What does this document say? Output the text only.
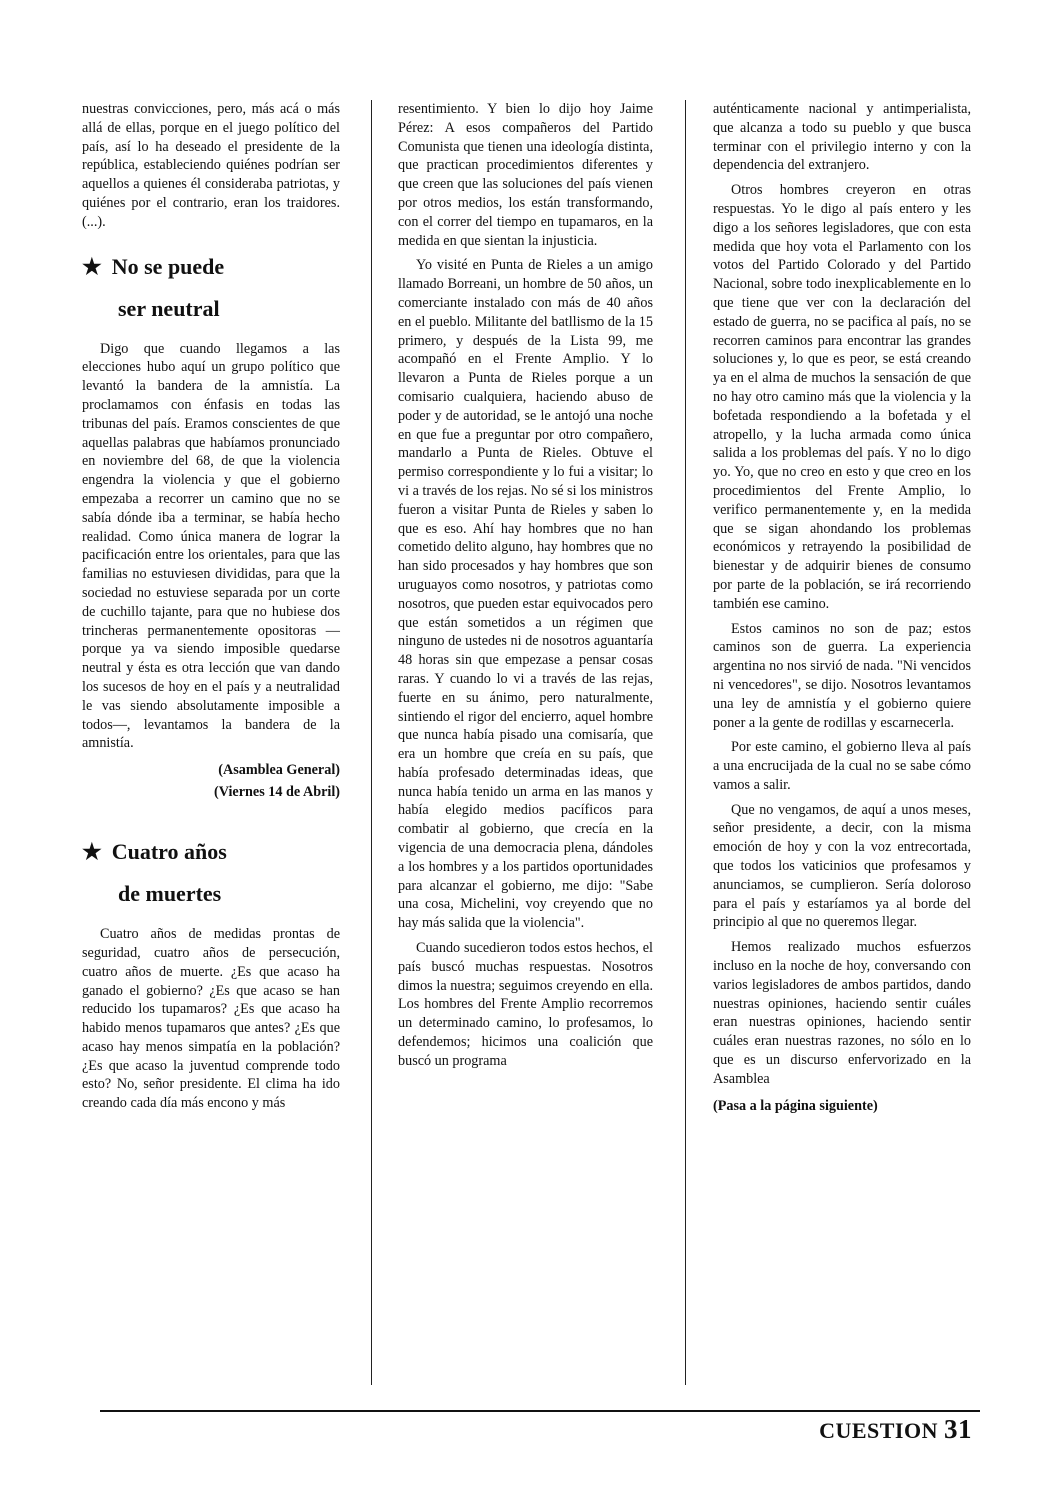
nuestras convicciones, pero, más acá o más allá de ellas, porque en el juego político del país, así lo ha deseado el presidente de la república, estableciendo quiénes podrían ser aquellos a quienes él consideraba patriotas, y quiénes por el contrario, eran los traidores. (...).

★ No se puede
ser neutral

Digo que cuando llegamos a las elecciones hubo aquí un grupo político que levantó la bandera de la amnistía. La proclamamos con énfasis en todas las tribunas del país. Eramos conscientes de que aquellas palabras que habíamos pronunciado en noviembre del 68, de que la violencia engendra la violencia y que el gobierno empezaba a recorrer un camino que no se sabía dónde iba a terminar, se había hecho realidad. Como única manera de lograr la pacificación entre los orientales, para que las familias no estuviesen divididas, para que la sociedad no estuviese separada por un corte de cuchillo tajante, para que no hubiese dos trincheras permanentemente opositoras —porque ya va siendo imposible quedarse neutral y ésta es otra lección que van dando los sucesos de hoy en el país y a neutralidad le vas siendo absolutamente imposible a todos—, levantamos la bandera de la amnistía.

(Asamblea General)
(Viernes 14 de Abril)
★ Cuatro años
de muertes

Cuatro años de medidas prontas de seguridad, cuatro años de persecución, cuatro años de muerte. ¿Es que acaso ha ganado el gobierno? ¿Es que acaso se han reducido los tupamaros? ¿Es que acaso ha habido menos tupamaros que antes? ¿Es que acaso hay menos simpatía en la población? ¿Es que acaso la juventud comprende todo esto? No, señor presidente. El clima ha ido creando cada día más encono y más

resentimiento. Y bien lo dijo hoy Jaime Pérez: A esos compañeros del Partido Comunista que tienen una ideología distinta, que practican procedimientos diferentes y que creen que las soluciones del país vienen por otros medios, los están transformando, con el correr del tiempo en tupamaros, en la medida en que sientan la injusticia.

Yo visité en Punta de Rieles a un amigo llamado Borreani, un hombre de 50 años, un comerciante instalado con más de 40 años en el pueblo. Militante del batllismo de la 15 primero, y después de la Lista 99, me acompañó en el Frente Amplio. Y lo llevaron a Punta de Rieles porque a un comisario cualquiera, haciendo abuso de poder y de autoridad, se le antojó una noche en que fue a preguntar por otro compañero, mandarlo a Punta de Rieles. Obtuve el permiso correspondiente y lo fui a visitar; lo vi a través de los rejas. No sé si los ministros fueron a visitar Punta de Rieles y saben lo que es eso. Ahí hay hombres que no han cometido delito alguno, hay hombres que no han sido procesados y hay hombres que son uruguayos como nosotros, y patriotas como nosotros, que pueden estar equivocados pero que están sometidos a un régimen que ninguno de ustedes ni de nosotros aguantaría 48 horas sin que empezase a pensar cosas raras. Y cuando lo vi a través de las rejas, fuerte en su ánimo, pero naturalmente, sintiendo el rigor del encierro, aquel hombre que nunca había pisado una comisaría, que era un hombre que creía en su país, que había profesado determinadas ideas, que nunca había tenido un arma en las manos y había elegido medios pacíficos para combatir al gobierno, que crecía en la vigencia de una democracia plena, dándoles a los hombres y a los partidos oportunidades para alcanzar el gobierno, me dijo: "Sabe una cosa, Michelini, voy creyendo que no hay más salida que la violencia".

Cuando sucedieron todos estos hechos, el país buscó muchas respuestas. Nosotros dimos la nuestra; seguimos creyendo en ella. Los hombres del Frente Amplio recorremos un determinado camino, lo profesamos, lo defendemos; hicimos una coalición que buscó un programa

auténticamente nacional y antimperialista, que alcanza a todo su pueblo y que busca terminar con el privilegio interno y con la dependencia del extranjero.

Otros hombres creyeron en otras respuestas. Yo le digo al país entero y les digo a los señores legisladores, que con esta medida que hoy vota el Parlamento con los votos del Partido Colorado y del Partido Nacional, sobre todo inexplicablemente en lo que tiene que ver con la declaración del estado de guerra, no se pacifica al país, no se recorren caminos para encontrar las grandes soluciones y, lo que es peor, se está creando ya en el alma de muchos la sensación de que no hay otro camino más que la violencia y la bofetada respondiendo a la bofetada y el atropello, y la lucha armada como única salida a los problemas del país. Y no lo digo yo. Yo, que no creo en esto y que creo en los procedimientos del Frente Amplio, lo verifico permanentemente y, en la medida que se sigan ahondando los problemas económicos y retrayendo la posibilidad de bienestar y de adquirir bienes de consumo por parte de la población, se irá recorriendo también ese camino.

Estos caminos no son de paz; estos caminos son de guerra. La experiencia argentina no nos sirvió de nada. "Ni vencidos ni vencedores", se dijo. Nosotros levantamos una ley de amnistía y el gobierno quiere poner a la gente de rodillas y escarnecerla.

Por este camino, el gobierno lleva al país a una encrucijada de la cual no se sabe cómo vamos a salir.

Que no vengamos, de aquí a unos meses, señor presidente, a decir, con la misma emoción de hoy y con la voz entrecortada, que todos los vaticinios que profesamos y anunciamos, se cumplieron. Sería doloroso para el país y estaríamos ya al borde del principio al que no queremos llegar.

Hemos realizado muchos esfuerzos incluso en la noche de hoy, conversando con varios legisladores de ambos partidos, dando nuestras opiniones, haciendo sentir cuáles eran nuestras opiniones, haciendo sentir cuáles eran nuestras razones, no sólo en lo que es un discurso enfervorizado en la Asamblea

(Pasa a la página siguiente)

CUESTION 31
